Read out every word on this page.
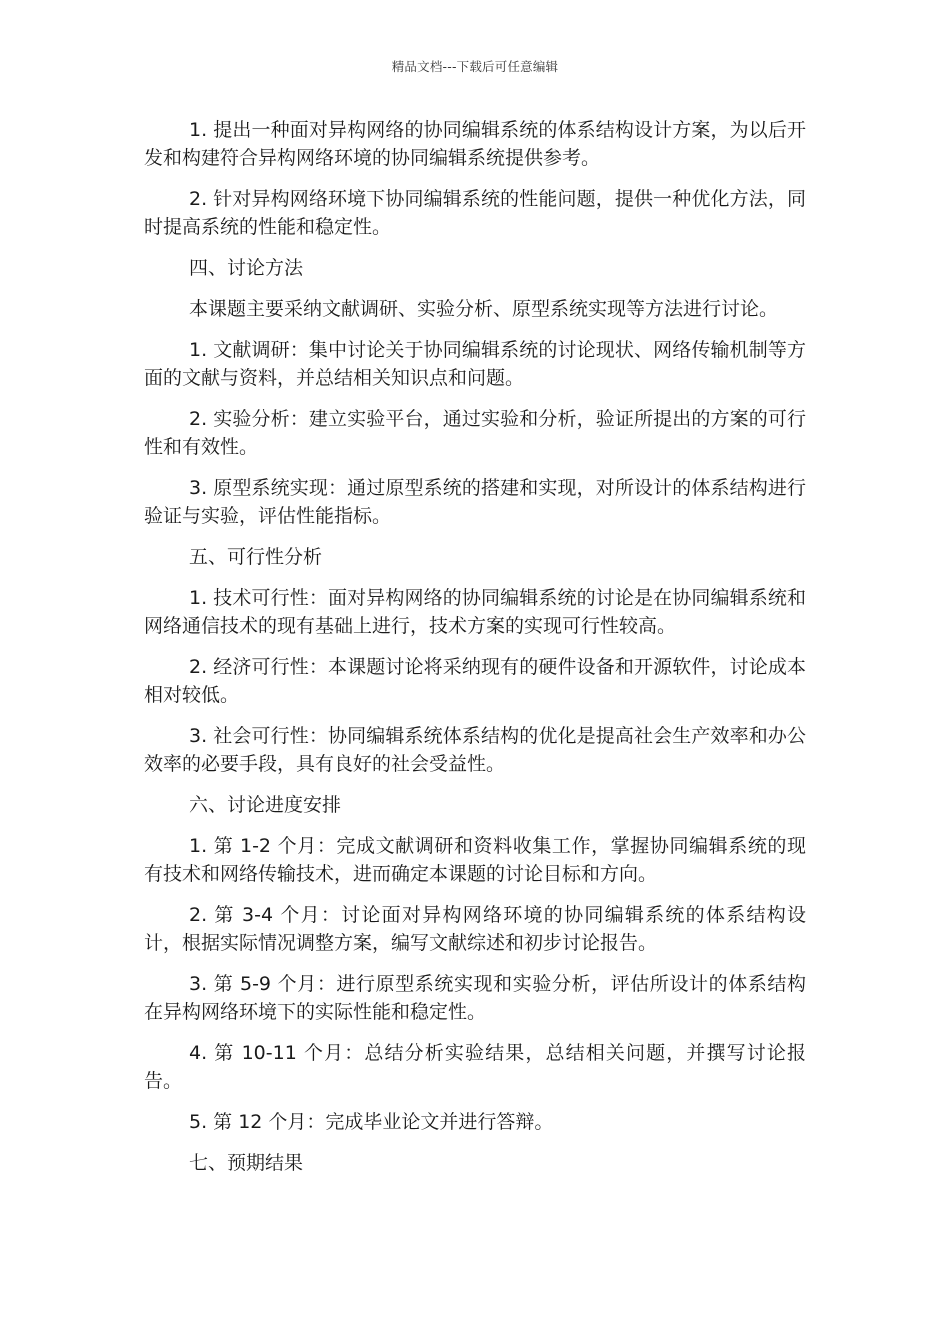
精品文档---下载后可任意编辑

1. 提出一种面对异构网络的协同编辑系统的体系结构设计方案，为以后开发和构建符合异构网络环境的协同编辑系统提供参考。

2. 针对异构网络环境下协同编辑系统的性能问题，提供一种优化方法，同时提高系统的性能和稳定性。

四、讨论方法

本课题主要采纳文献调研、实验分析、原型系统实现等方法进行讨论。

1. 文献调研：集中讨论关于协同编辑系统的讨论现状、网络传输机制等方面的文献与资料，并总结相关知识点和问题。

2. 实验分析：建立实验平台，通过实验和分析，验证所提出的方案的可行性和有效性。

3. 原型系统实现：通过原型系统的搭建和实现，对所设计的体系结构进行验证与实验，评估性能指标。

五、可行性分析

1. 技术可行性：面对异构网络的协同编辑系统的讨论是在协同编辑系统和网络通信技术的现有基础上进行，技术方案的实现可行性较高。

2. 经济可行性：本课题讨论将采纳现有的硬件设备和开源软件，讨论成本相对较低。

3. 社会可行性：协同编辑系统体系结构的优化是提高社会生产效率和办公效率的必要手段，具有良好的社会受益性。

六、讨论进度安排

1. 第 1-2 个月：完成文献调研和资料收集工作，掌握协同编辑系统的现有技术和网络传输技术，进而确定本课题的讨论目标和方向。

2. 第 3-4 个月：讨论面对异构网络环境的协同编辑系统的体系结构设计，根据实际情况调整方案，编写文献综述和初步讨论报告。

3. 第 5-9 个月：进行原型系统实现和实验分析，评估所设计的体系结构在异构网络环境下的实际性能和稳定性。

4. 第 10-11 个月：总结分析实验结果，总结相关问题，并撰写讨论报告。

5. 第 12 个月：完成毕业论文并进行答辩。

七、预期结果
